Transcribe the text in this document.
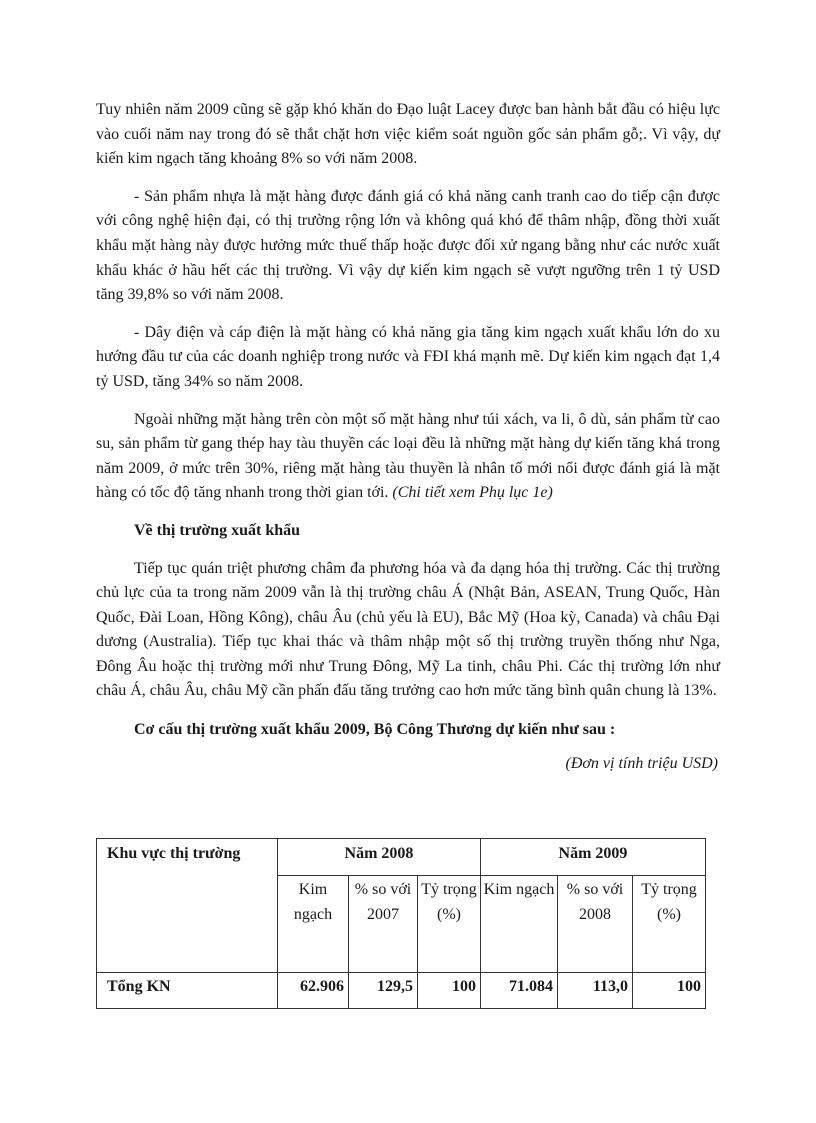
Tuy nhiên năm 2009 cũng sẽ gặp khó khăn do Đạo luật Lacey được ban hành bắt đầu có hiệu lực vào cuối năm nay trong đó sẽ thắt chặt hơn việc kiểm soát nguồn gốc sản phẩm gỗ;. Vì vậy, dự kiến kim ngạch tăng khoảng 8% so với năm 2008.

- Sản phẩm nhựa là mặt hàng được đánh giá có khả năng canh tranh cao do tiếp cận được với công nghệ hiện đại, có thị trường rộng lớn và không quá khó để thâm nhập, đồng thời xuất khẩu mặt hàng này được hưởng mức thuế thấp hoặc được đối xử ngang bằng như các nước xuất khẩu khác ở hầu hết các thị trường. Vì vậy dự kiến kim ngạch sẽ vượt ngưỡng trên 1 tỷ USD tăng 39,8% so với năm 2008.

- Dây điện và cáp điện là mặt hàng có khả năng gia tăng kim ngạch xuất khẩu lớn do xu hướng đầu tư của các doanh nghiệp trong nước và FĐI khá mạnh mẽ. Dự kiến kim ngạch đạt 1,4 tỷ USD, tăng 34% so năm 2008.

Ngoài những mặt hàng trên còn một số mặt hàng như túi xách, va li, ô dù, sản phẩm từ cao su, sản phẩm từ gang thép hay tàu thuyền các loại đều là những mặt hàng dự kiến tăng khá trong năm 2009, ở mức trên 30%, riêng mặt hàng tàu thuyền là nhân tố mới nổi được đánh giá là mặt hàng có tốc độ tăng nhanh trong thời gian tới. (Chi tiết xem Phụ lục 1e)

Về thị trường xuất khẩu

Tiếp tục quán triệt phương châm đa phương hóa và đa dạng hóa thị trường. Các thị trường chủ lực của ta trong năm 2009 vẫn là thị trường châu Á (Nhật Bản, ASEAN, Trung Quốc, Hàn Quốc, Đài Loan, Hồng Kông), châu Âu (chủ yếu là EU), Bắc Mỹ (Hoa kỳ, Canada) và châu Đại dương (Australia). Tiếp tục khai thác và thâm nhập một số thị trường truyền thống như Nga, Đông Âu hoặc thị trường mới như Trung Đông, Mỹ La tinh, châu Phi. Các thị trường lớn như châu Á, châu Âu, châu Mỹ cần phấn đấu tăng trưởng cao hơn mức tăng bình quân chung là 13%.

Cơ cấu thị trường xuất khẩu 2009, Bộ Công Thương dự kiến như sau :

(Đơn vị tính triệu USD)
Khu vực thị trường	Năm 2008			Năm 2009		
	Kim ngạch	% so với 2007	Tỷ trọng (%)	Kim ngạch	% so với 2008	Tỷ trọng (%)
Tổng KN	62.906	129,5	100	71.084	113,0	100
